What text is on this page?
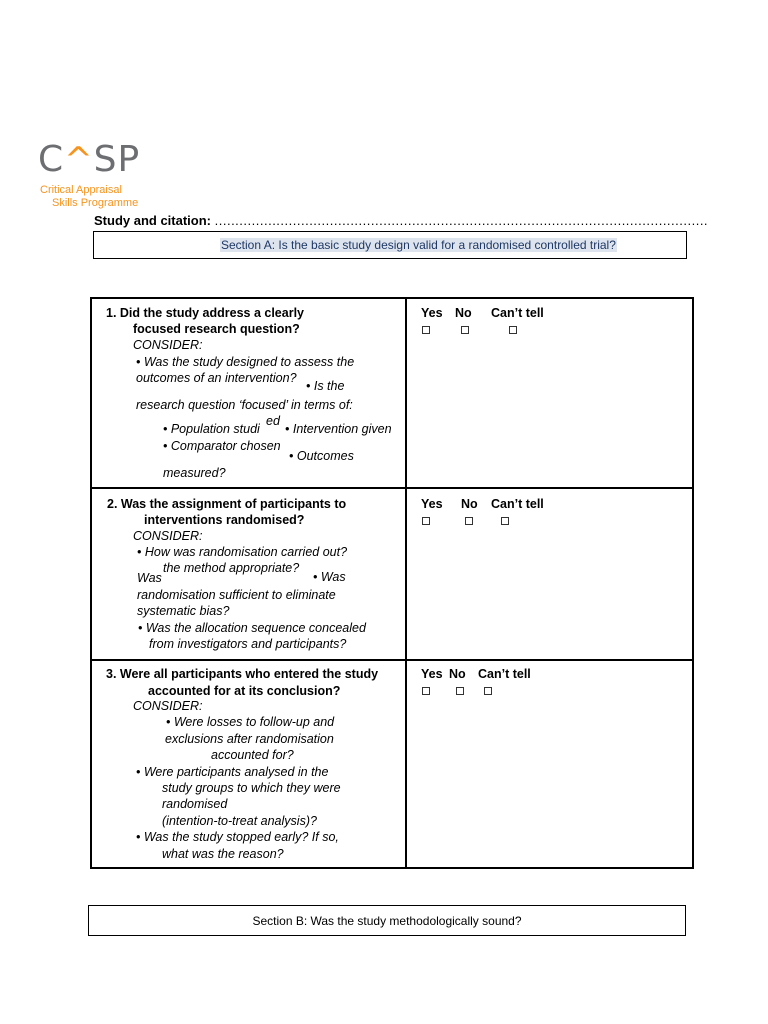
C^SP
Critical Appraisal
Skills Programme
Study and citation: ........................................................................................................................
Section A: Is the basic study design valid for a randomised controlled trial?
1. Did the study address a clearly
focused research question?
CONSIDER:
• Was the study designed to assess the
outcomes of an intervention?
• Is the
research question ‘focused’ in terms of:
• Population studi
ed
• Intervention given
• Comparator chosen
• Outcomes
measured?
Yes No Can’t tell
2. Was the assignment of participants to
interventions randomised?
CONSIDER:
• How was randomisation carried out?
the method appropriate?
Was	• Was
randomisation sufficient to eliminate
systematic bias?
• Was the allocation sequence concealed
from investigators and participants?
Yes No Can’t tell
3. Were all participants who entered the study
accounted for at its conclusion?
CONSIDER:
• Were losses to follow-up and
exclusions after randomisation
accounted for?
• Were participants analysed in the
study groups to which they were
randomised
(intention-to-treat analysis)?
• Was the study stopped early? If so,
what was the reason?
Yes No Can’t tell
Section B: Was the study methodologically sound?
